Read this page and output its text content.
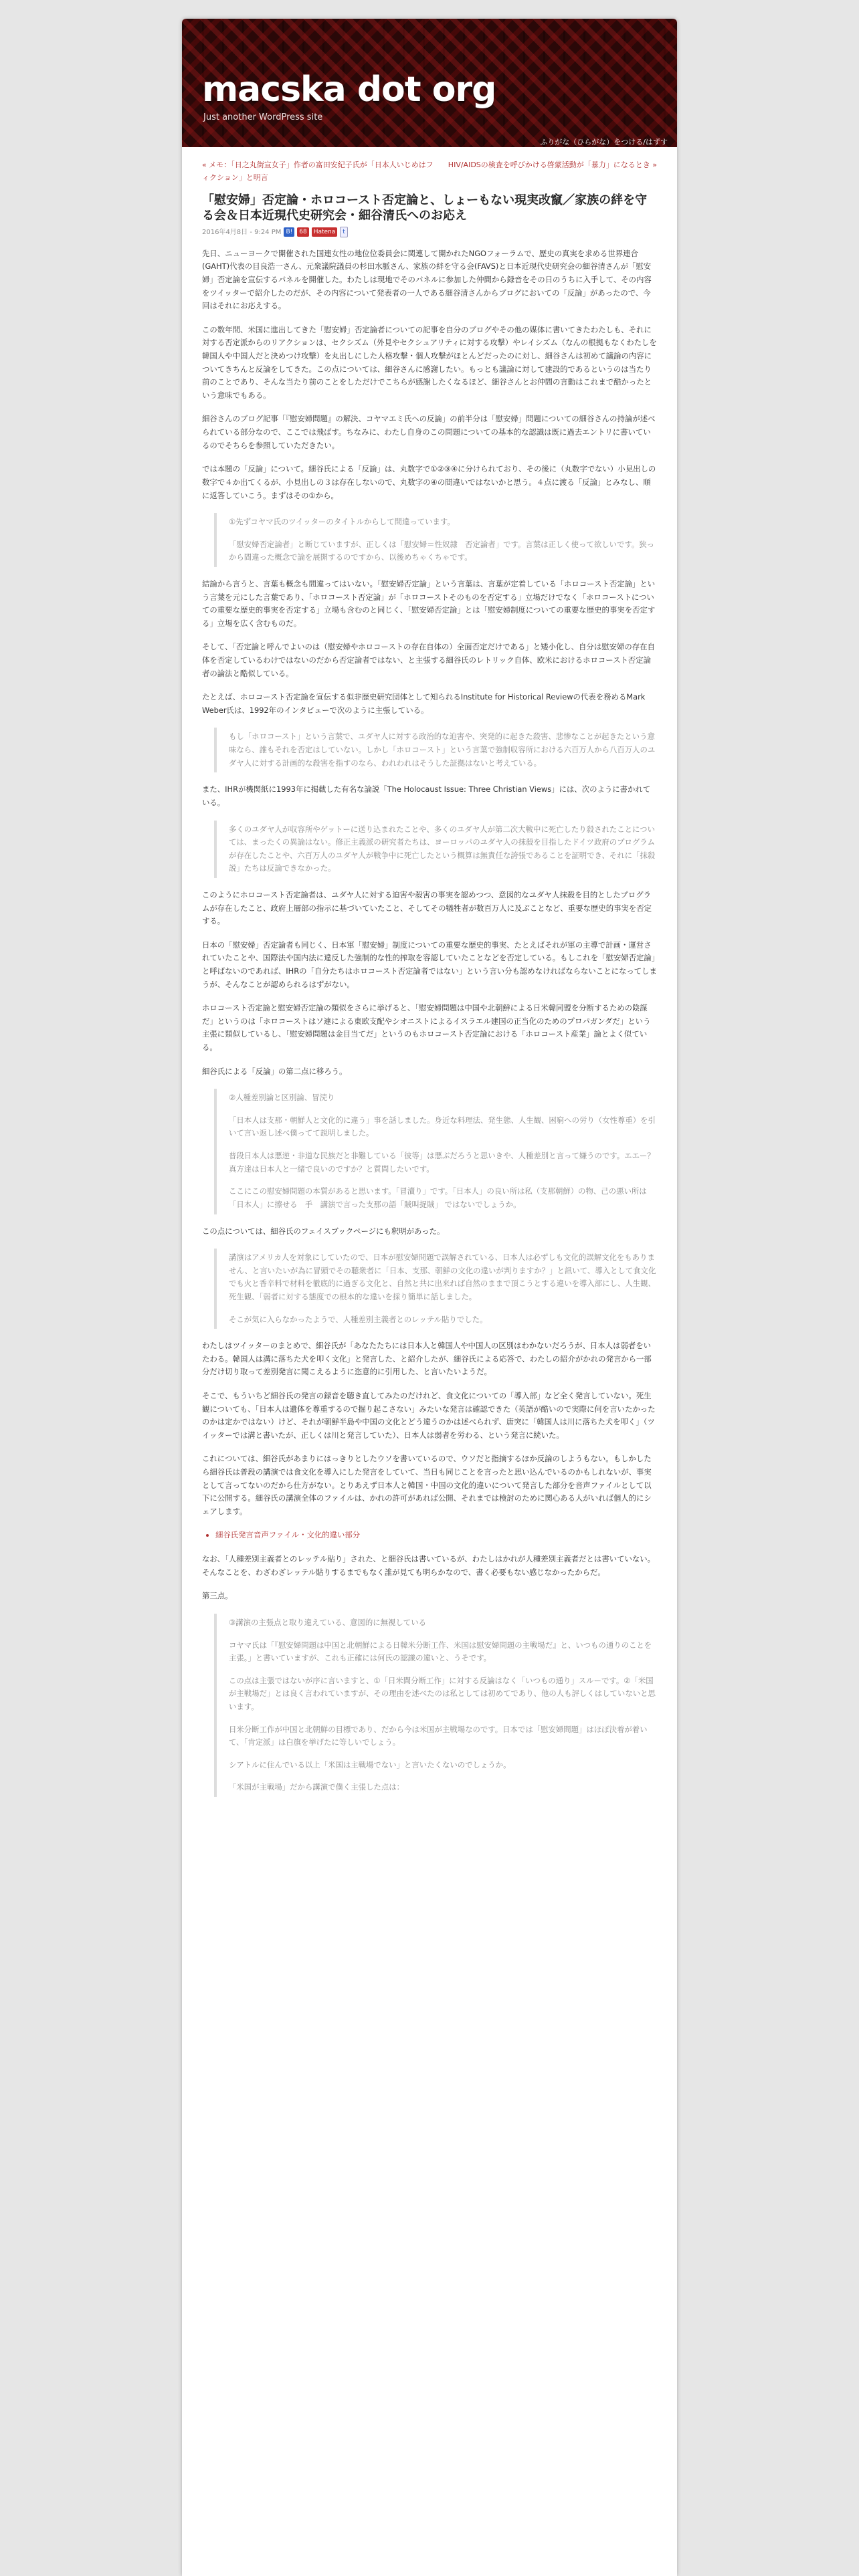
macska dot org
Just another WordPress site
ふりがな（ひらがな）をつける/はずす
« メモ：「日之丸街宣女子」作者の富田安紀子氏が「日本人いじめはフィクション」と明言
HIV/AIDSの検査を呼びかける啓蒙活動が「暴力」になるとき »
「慰安婦」否定論・ホロコースト否定論と、しょーもない現実改竄／家族の絆を守る会＆日本近現代史研究会・細谷清氏へのお応え
2016年4月8日 - 9:24 PM B!	68	Hatena	t

先日、ニューヨークで開催された国連女性の地位位委員会に関連して開かれたNGOフォーラムで、歴史の真実を求める世界連合(GAHT)代表の目良浩一さん、元衆議院議員の杉田水脈さん、家族の絆を守る会(FAVS)と日本近現代史研究会の細谷清さんが「慰安婦」否定論を宣伝するパネルを開催した。わたしは現地でそのパネルに参加した仲間から録音をその日のうちに入手して、その内容をツイッターで紹介したのだが、その内容について発表者の一人である細谷清さんからブログにおいての「反論」があったので、今回はそれにお応えする。

この数年間、米国に進出してきた「慰安婦」否定論者についての記事を自分のブログやその他の媒体に書いてきたわたしも、それに対する否定派からのリアクションは、セクシズム（外見やセクシュアリティに対する攻撃）やレイシズム（なんの根拠もなくわたしを韓国人や中国人だと決めつけ攻撃）を丸出しにした人格攻撃・個人攻撃がほとんどだったのに対し、細谷さんは初めて議論の内容についてきちんと反論をしてきた。この点については、細谷さんに感謝したい。もっとも議論に対して建設的であるというのは当たり前のことであり、そんな当たり前のことをしただけでこちらが感謝したくなるほど、細谷さんとお仲間の言動はこれまで酷かったという意味でもある。

細谷さんのブログ記事「『慰安婦問題』の解決、コヤマエミ氏への反論」の前半分は「慰安婦」問題についての細谷さんの持論が述べられている部分なので、ここでは飛ばす。ちなみに、わたし自身のこの問題についての基本的な認識は既に過去エントリに書いているのでそちらを参照していただきたい。

では本題の「反論」について。細谷氏による「反論」は、丸数字で①②③④に分けられており、その後に（丸数字でない）小見出しの数字で４か出てくるが、小見出しの３は存在しないので、丸数字の④の間違いではないかと思う。４点に渡る「反論」とみなし、順に返答していこう。まずはその①から。

①先ずコヤマ氏のツイッターのタイトルからして間違っています。

「慰安婦否定論者」と断じていますが、正しくは「慰安婦＝性奴隷　否定論者」です。言葉は正しく使って欲しいです。狭っから間違った概念で論を展開するのですから、以後めちゃくちゃです。

結論から言うと、言葉も概念も間違ってはいない。「慰安婦否定論」という言葉は、言葉が定着している「ホロコースト否定論」という言葉を元にした言葉であり、「ホロコースト否定論」が「ホロコーストそのものを否定する」立場だけでなく「ホロコーストについての重要な歴史的事実を否定する」立場も含むのと同じく、「慰安婦否定論」とは「慰安婦制度についての重要な歴史的事実を否定する」立場を広く含むものだ。

そして、「否定論と呼んでよいのは（慰安婦やホロコーストの存在自体の）全面否定だけである」と矮小化し、自分は慰安婦の存在自体を否定しているわけではないのだから否定論者ではない、と主張する細谷氏のレトリック自体、欧米におけるホロコースト否定論者の論法と酷似している。

たとえば、ホロコースト否定論を宣伝する似非歴史研究団体として知られるInstitute for Historical Reviewの代表を務めるMark Weber氏は、1992年のインタビューで次のように主張している。

もし「ホロコースト」という言葉で、ユダヤ人に対する政治的な迫害や、突発的に起きた殺害、悲惨なことが起きたという意味なら、誰もそれを否定はしていない。しかし「ホロコースト」という言葉で強制収容所における六百万人から八百万人のユダヤ人に対する計画的な殺害を指すのなら、われわれはそうした証拠はないと考えている。

また、IHRが機関紙に1993年に掲載した有名な論説「The Holocaust Issue: Three Christian Views」には、次のように書かれている。

多くのユダヤ人が収容所やゲットーに送り込まれたことや、多くのユダヤ人が第二次大戦中に死亡したり殺されたことについては、まったくの異論はない。修正主義派の研究者たちは、ヨーロッパのユダヤ人の抹殺を目指したドイツ政府のプログラムが存在したことや、六百万人のユダヤ人が戦争中に死亡したという概算は無責任な誇張であることを証明でき、それに「抹殺説」たちは反論できなかった。

このようにホロコースト否定論者は、ユダヤ人に対する迫害や殺害の事実を認めつつ、意図的なユダヤ人抹殺を目的としたプログラムが存在したこと、政府上層部の指示に基づいていたこと、そしてその犠牲者が数百万人に及ぶことなど、重要な歴史的事実を否定する。

日本の「慰安婦」否定論者も同じく、日本軍「慰安婦」制度についての重要な歴史的事実、たとえばそれが軍の主導で計画・運営されていたことや、国際法や国内法に違反した強制的な性的搾取を容認していたことなどを否定している。もしこれを「慰安婦否定論」と呼ばないのであれば、IHRの「自分たちはホロコースト否定論者ではない」という言い分も認めなければならないことになってしまうが、そんなことが認められるはずがない。

ホロコースト否定論と慰安婦否定論の類似をさらに挙げると、「慰安婦問題は中国や北朝鮮による日米韓同盟を分断するための陰謀だ」というのは「ホロコーストはソ連による東欧支配やシオニストによるイスラエル建国の正当化のためのプロパガンダだ」という主張に類似しているし、「慰安婦問題は金目当てだ」というのもホロコースト否定論における「ホロコースト産業」論とよく似ている。

細谷氏による「反論」の第二点に移ろう。

②人種差別論と区別論、冒涜り

「日本人は支那・朝鮮人と文化的に違う」事を話しました。身近な料理法、発生態、人生観、困窮への労り（女性尊重）を引いて言い返し述べ僕ってて説明しました。

普段日本人は悪逆・非道な民族だと非難している「彼等」は悪ぶだろうと思いきや、人種差別と言って嫌うのです。エエー？真方達は日本人と一緒で良いのですか？と質問したいです。

ここにこの慰安婦問題の本質があると思います。「冒瀆り」です。「日本人」の良い所は私（支那朝鮮）の物、己の悪い所は「日本人」に擦せる　手　講演で言った支那の語「賊叫捉賊」 ではないでしょうか。

この点については、細谷氏のフェイスブックページにも釈明があった。

講演はアメリカ人を対象にしていたので、日本が慰安婦問題で誤解されている、日本人は必ずしも文化的誤解文化をもありません、と言いたいが為に冒頭でその聴衆者に「日本、支那、朝鮮の文化の違いが判りますか？」と訊いて、導入として食文化でも火と香辛料で材料を徹底的に過ぎる文化と、自然と共に出来れば自然のままで頂こうとする違いを導入部にし、人生観、死生観、「弱者に対する態度での根本的な違いを採り簡単に話しました。

そこが気に入らなかったようで、人種差別主義者とのレッテル貼りでした。

わたしはツイッターのまとめで、細谷氏が「あなたたちには日本人と韓国人や中国人の区別はわかないだろうが、日本人は弱者をいたわる。韓国人は溝に落ちた犬を叩く文化」と発言した、と紹介したが、細谷氏による応答で、わたしの紹介がかれの発言から一部分だけ切り取って差別発言に聞こえるように恣意的に引用した、と言いたいようだ。

そこで、もういちど細谷氏の発言の録音を聴き直してみたのだけれど、食文化についての「導入部」など全く発言していない。死生観についても、「日本人は遺体を尊重するので掘り起こさない」みたいな発言は確認できた（英語が酷いので実際に何を言いたかったのかは定かではない）けど、それが朝鮮半島や中国の文化とどう違うのかは述べられず、唐突に「韓国人は川に落ちた犬を叩く」（ツイッターでは溝と書いたが、正しくは川と発言していた）、日本人は弱者を労わる、という発言に続いた。

これについては、細谷氏があまりにはっきりとしたウソを書いているので、ウソだと指摘するほか反論のしようもない。もしかしたら細谷氏は普段の講演では食文化を導入にした発言をしていて、当日も同じことを言ったと思い込んでいるのかもしれないが、事実として言ってないのだから仕方がない。とりあえず日本人と韓国・中国の文化的違いについて発言した部分を音声ファイルとして以下に公開する。細谷氏の講演全体のファイルは、かれの許可があれば公開、それまでは検討のために関心ある人がいれば個人的にシェアします。

• 細谷氏発言音声ファイル・文化的違い部分

なお、「人種差別主義者とのレッテル貼り」された、と細谷氏は書いているが、わたしはかれが人種差別主義者だとは書いていない。そんなことを、わざわざレッテル貼りするまでもなく誰が見ても明らかなので、書く必要もない感じなかったからだ。

第三点。

③講演の主張点と取り違えている、意図的に無視している

コヤマ氏は「『慰安婦問題は中国と北朝鮮による日韓米分断工作、米国は慰安婦問題の主戦場だ』と、いつもの通りのことを主張。」と書いていますが、これも正確には何氏の認識の違いと、うそです。

この点は主張ではないが序に言いますと、①「日米間分断工作」に対する反論はなく「いつもの通り」スルーです。②「米国が主戦場だ」とは良く言われていますが、その理由を述べたのは私としては初めてであり、他の人も評しくはしていないと思います。

日米分断工作が中国と北朝鮮の目標であり、だから今は米国が主戦場なのです。日本では「慰安婦問題」はほぼ決着が着いて、「肯定派」は白旗を挙げたに等しいでしょう。

シアトルに住んでいる以上「米国は主戦場でない」と言いたくないのでしょうか。

「米国が主戦場」だから講演で僕く主張した点は：
